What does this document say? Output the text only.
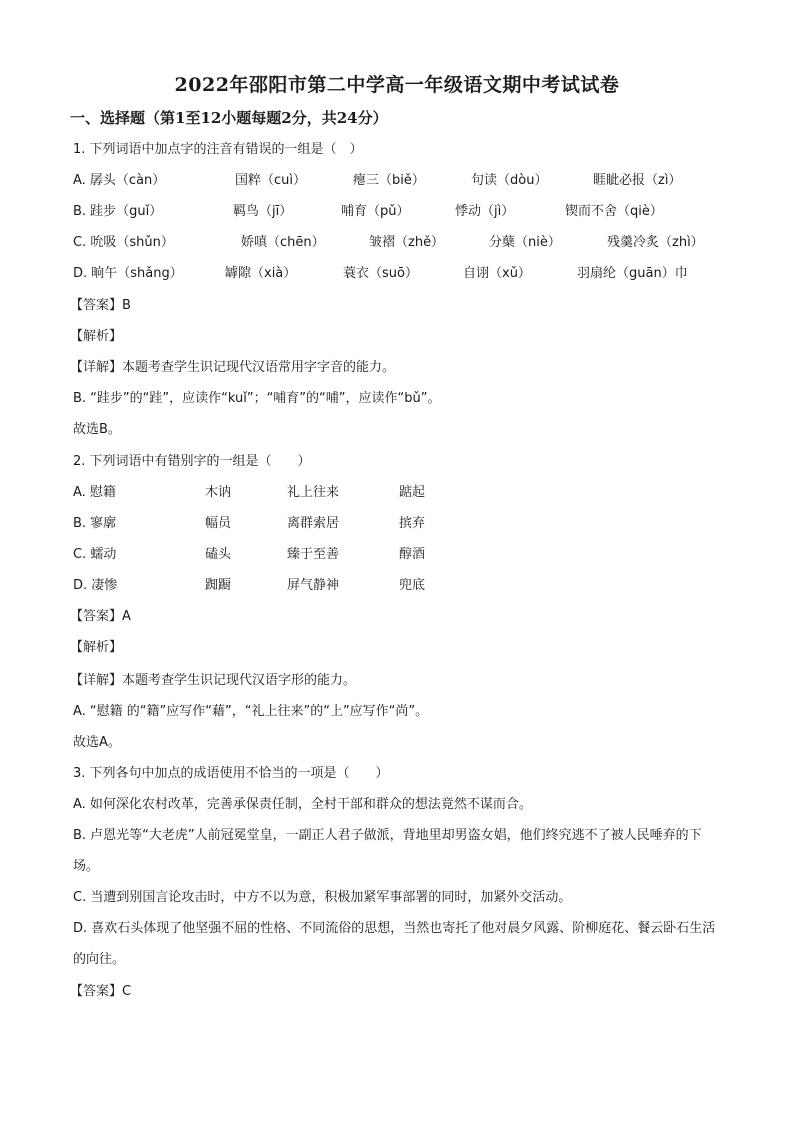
2022年邵阳市第二中学高一年级语文期中考试试卷
一、选择题（第1至12小题每题2分，共24分）
1. 下列词语中加点字的注音有错误的一组是（　）
A. 孱头（càn）	国粹（cuì）	瘪三（biě）	句读（dòu）	睚眦必报（zì）
B. 跬步（guǐ）	羁鸟（jī）	哺育（pǔ）	悸动（jì）	锲而不舍（qiè）
C. 吮吸（shǔn）	娇嗔（chēn）	皱褶（zhě）	分蘖（niè）	残羹冷炙（zhì）
D. 晌午（shǎng）	罅隙（xià）	蓑衣（suō）	自诩（xǔ）	羽扇纶（guān）巾
【答案】B
【解析】
【详解】本题考查学生识记现代汉语常用字字音的能力。
B. “跬步”的“跬”，应读作“kuǐ”；“哺育”的“哺”，应读作“bǔ”。
故选B。
2. 下列词语中有错别字的一组是（　　）
A. 慰籍	木讷	礼上往来	踮起
B. 寥廓	幅员	离群索居	摈弃
C. 蠕动	磕头	臻于至善	醇酒
D. 凄惨	踟蹰	屏气静神	兜底
【答案】A
【解析】
【详解】本题考查学生识记现代汉语字形的能力。
A. “慰籍 的“籍”应写作“藉”，“礼上往来”的“上”应写作“尚”。
故选A。
3. 下列各句中加点的成语使用不恰当的一项是（　　）
A. 如何深化农村改革，完善承保责任制，全村干部和群众的想法竟然不谋而合。
B. 卢恩光等“大老虎”人前冠冕堂皇，一副正人君子做派，背地里却男盗女娼，他们终究逃不了被人民唾弃的下场。
C. 当遭到别国言论攻击时，中方不以为意，积极加紧军事部署的同时，加紧外交活动。
D. 喜欢石头体现了他坚强不屈的性格、不同流俗的思想，当然也寄托了他对晨夕风露、阶柳庭花、餐云卧石生活的向往。
【答案】C
